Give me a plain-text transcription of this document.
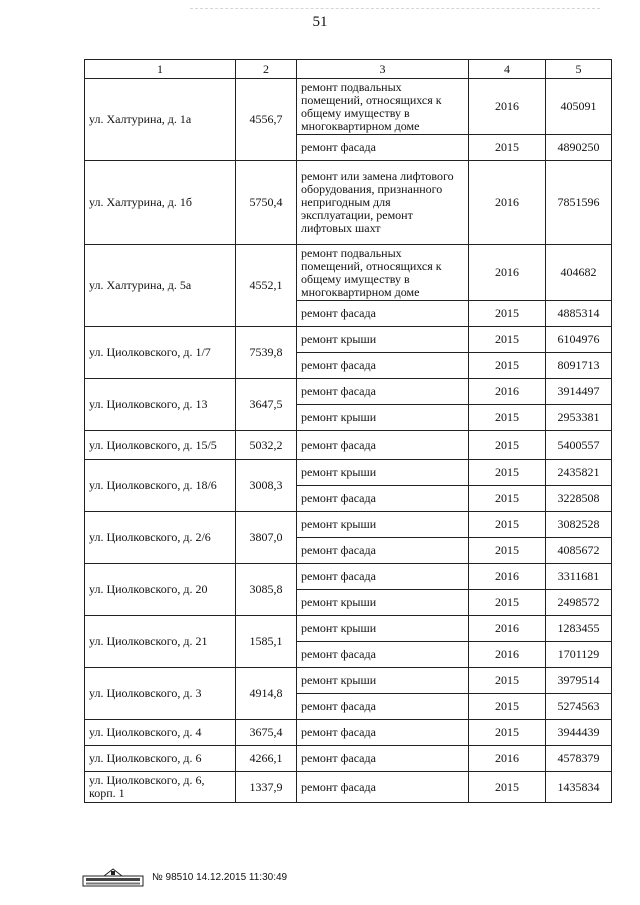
51
1	2	3	4	5
ул. Халтурина, д. 1а	4556,7	ремонт подвальных помещений, относящихся к общему имуществу в многоквартирном доме	2016	405091
		ремонт фасада	2015	4890250
ул. Халтурина, д. 1б	5750,4	ремонт или замена лифтового оборудования, признанного непригодным для эксплуатации, ремонт лифтовых шахт	2016	7851596
ул. Халтурина, д. 5а	4552,1	ремонт подвальных помещений, относящихся к общему имуществу в многоквартирном доме	2016	404682
		ремонт фасада	2015	4885314
ул. Циолковского, д. 1/7	7539,8	ремонт крыши	2015	6104976
		ремонт фасада	2015	8091713
ул. Циолковского, д. 13	3647,5	ремонт фасада	2016	3914497
		ремонт крыши	2015	2953381
ул. Циолковского, д. 15/5	5032,2	ремонт фасада	2015	5400557
ул. Циолковского, д. 18/6	3008,3	ремонт крыши	2015	2435821
		ремонт фасада	2015	3228508
ул. Циолковского, д. 2/6	3807,0	ремонт крыши	2015	3082528
		ремонт фасада	2015	4085672
ул. Циолковского, д. 20	3085,8	ремонт фасада	2016	3311681
		ремонт крыши	2015	2498572
ул. Циолковского, д. 21	1585,1	ремонт крыши	2016	1283455
		ремонт фасада	2016	1701129
ул. Циолковского, д. 3	4914,8	ремонт крыши	2015	3979514
		ремонт фасада	2015	5274563
ул. Циолковского, д. 4	3675,4	ремонт фасада	2015	3944439
ул. Циолковского, д. 6	4266,1	ремонт фасада	2016	4578379
ул. Циолковского, д. 6, корп. 1	1337,9	ремонт фасада	2015	1435834
№ 98510 14.12.2015 11:30:49
